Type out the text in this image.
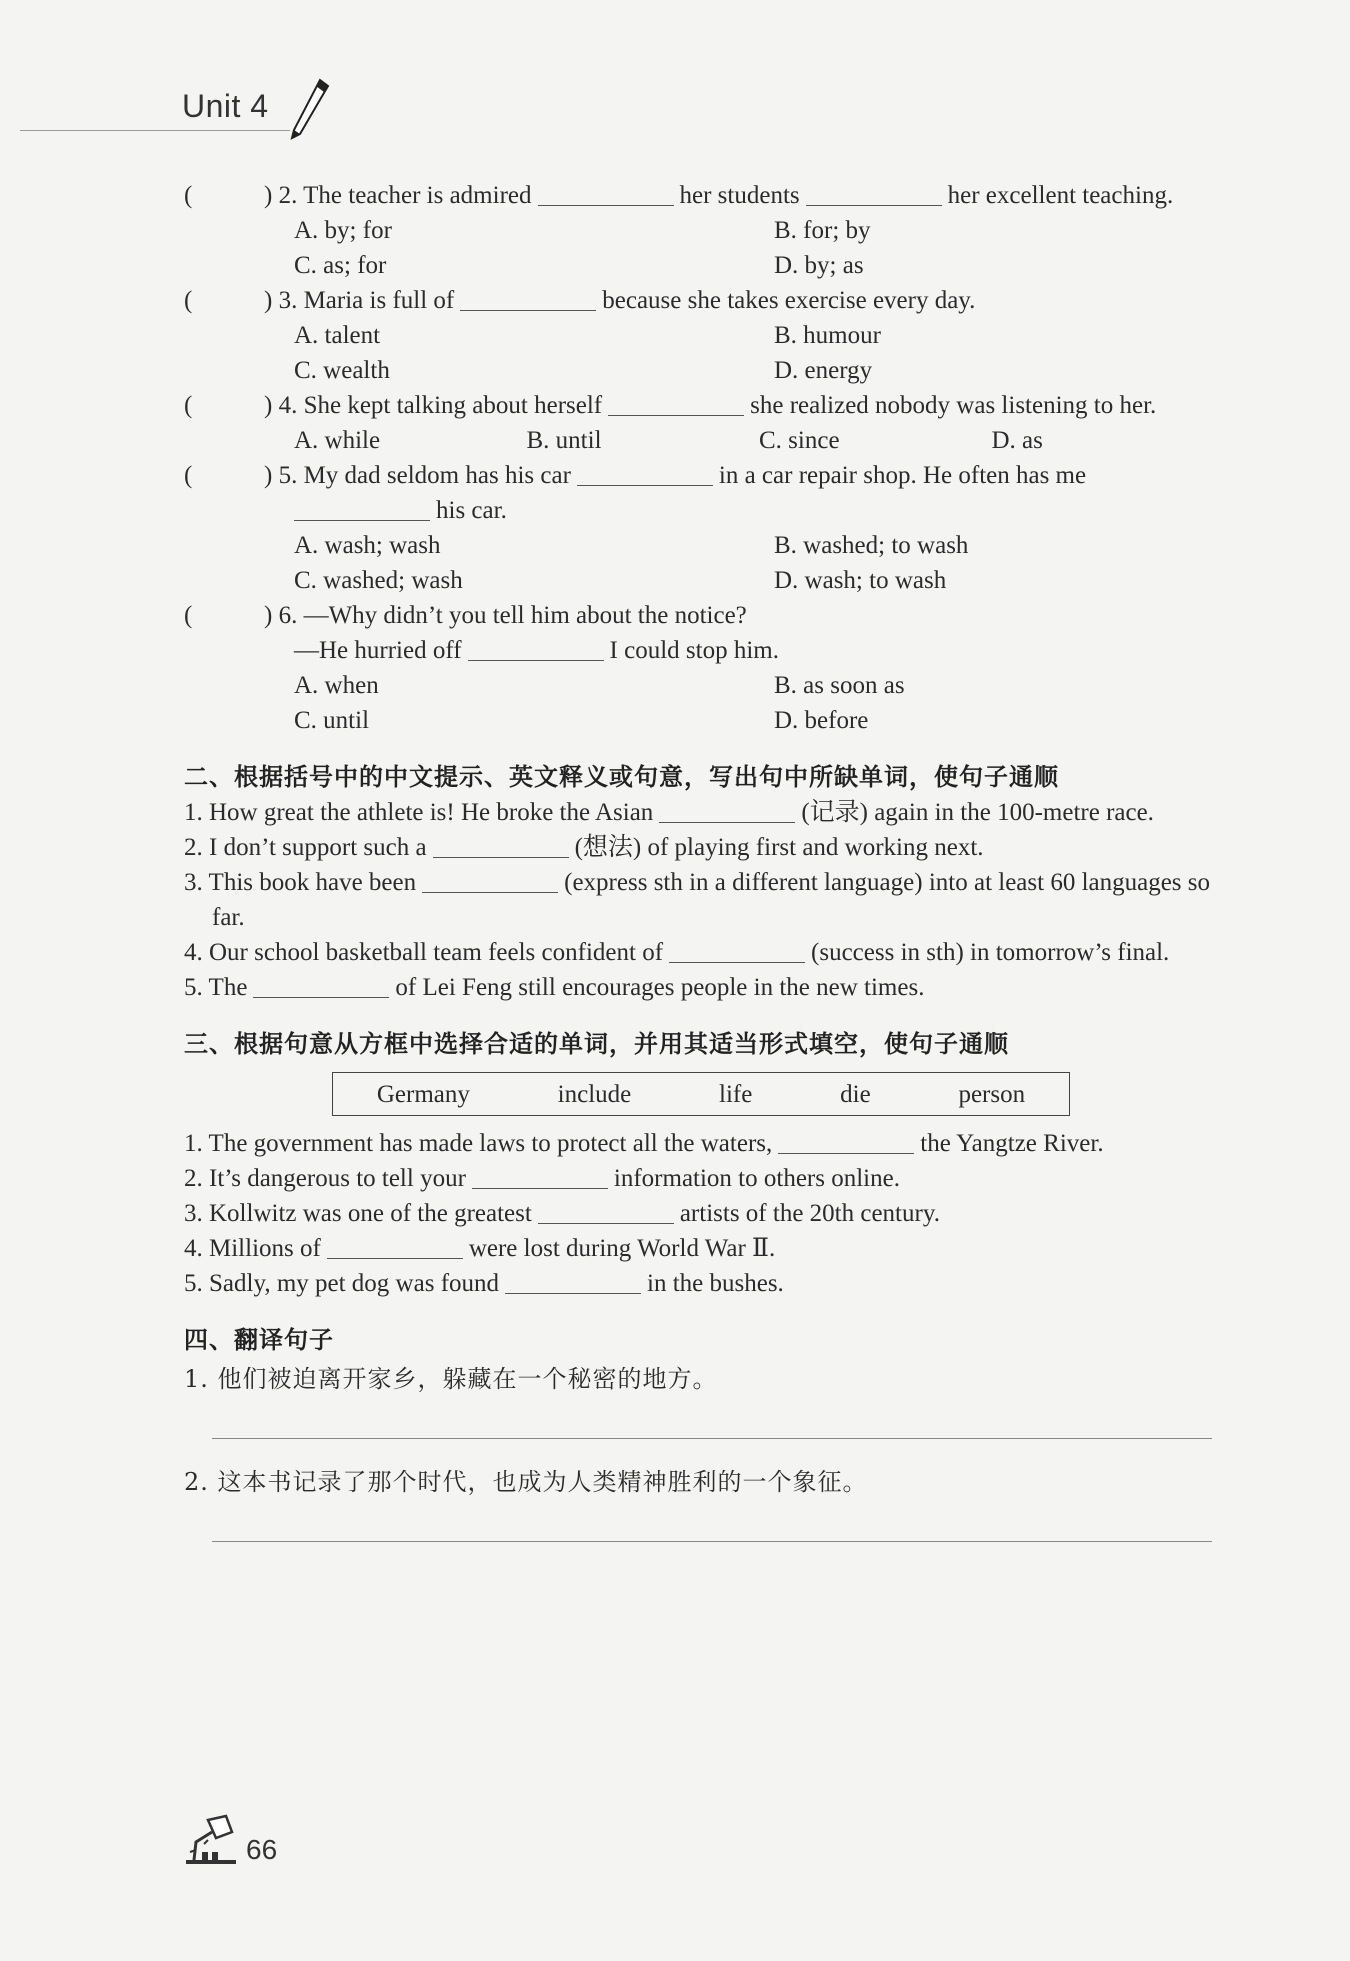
Unit 4
(	) 2. The teacher is admired	her students	her excellent teaching.
A. by; for	B. for; by
C. as; for	D. by; as
(	) 3. Maria is full of	because she takes exercise every day.
A. talent	B. humour
C. wealth	D. energy
(	) 4. She kept talking about herself	she realized nobody was listening to her.
A. while	B. until	C. since	D. as
(	) 5. My dad seldom has his car	in a car repair shop. He often has me
his car.
A. wash; wash	B. washed; to wash
C. washed; wash	D. wash; to wash
(	) 6. —Why didn’t you tell him about the notice?
—He hurried off	I could stop him.
A. when	B. as soon as
C. until	D. before
二、根据括号中的中文提示、英文释义或句意，写出句中所缺单词，使句子通顺
1. How great the athlete is! He broke the Asian	(记录) again in the 100-metre race.
2. I don’t support such a	(想法) of playing first and working next.
3. This book have been	(express sth in a different language) into at least 60 languages so far.
4. Our school basketball team feels confident of	(success in sth) in tomorrow’s final.
5. The	of Lei Feng still encourages people in the new times.
三、根据句意从方框中选择合适的单词，并用其适当形式填空，使句子通顺
Germany	include	life	die	person
1. The government has made laws to protect all the waters,	the Yangtze River.
2. It’s dangerous to tell your	information to others online.
3. Kollwitz was one of the greatest	artists of the 20th century.
4. Millions of	were lost during World War Ⅱ.
5. Sadly, my pet dog was found	in the bushes.
四、翻译句子
1. 他们被迫离开家乡，躲藏在一个秘密的地方。
2. 这本书记录了那个时代，也成为人类精神胜利的一个象征。
66
